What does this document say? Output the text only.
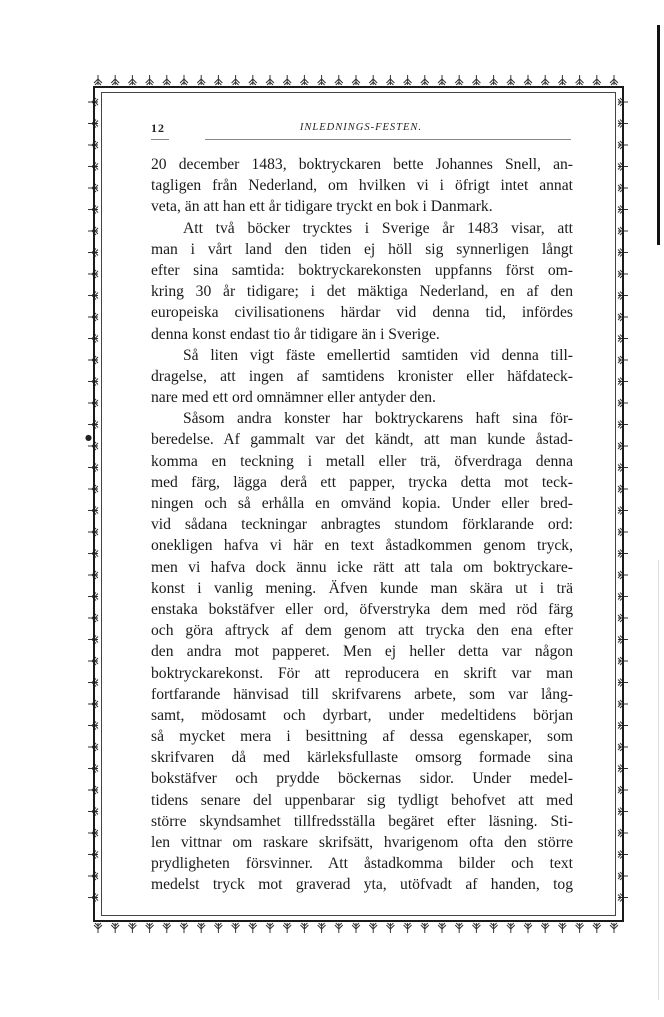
12	INLEDNINGS-FESTEN.
●
20 december 1483, boktryckaren bette Johannes Snell, an-
tagligen från Nederland, om hvilken vi i öfrigt intet annat
veta, än att han ett år tidigare tryckt en bok i Danmark.
Att två böcker trycktes i Sverige år 1483 visar, att
man i vårt land den tiden ej höll sig synnerligen långt
efter sina samtida: boktryckarekonsten uppfanns först om-
kring 30 år tidigare; i det mäktiga Nederland, en af den
europeiska civilisationens härdar vid denna tid, infördes
denna konst endast tio år tidigare än i Sverige.
Så liten vigt fäste emellertid samtiden vid denna till-
dragelse, att ingen af samtidens kronister eller häfdateck-
nare med ett ord omnämner eller antyder den.
Såsom andra konster har boktryckarens haft sina för-
beredelse. Af gammalt var det kändt, att man kunde åstad-
komma en teckning i metall eller trä, öfverdraga denna
med färg, lägga derå ett papper, trycka detta mot teck-
ningen och så erhålla en omvänd kopia. Under eller bred-
vid sådana teckningar anbragtes stundom förklarande ord:
onekligen hafva vi här en text åstadkommen genom tryck,
men vi hafva dock ännu icke rätt att tala om boktryckare-
konst i vanlig mening. Äfven kunde man skära ut i trä
enstaka bokstäfver eller ord, öfverstryka dem med röd färg
och göra aftryck af dem genom att trycka den ena efter
den andra mot papperet. Men ej heller detta var någon
boktryckarekonst. För att reproducera en skrift var man
fortfarande hänvisad till skrifvarens arbete, som var lång-
samt, mödosamt och dyrbart, under medeltidens början
så mycket mera i besittning af dessa egenskaper, som
skrifvaren då med kärleksfullaste omsorg formade sina
bokstäfver och prydde böckernas sidor. Under medel-
tidens senare del uppenbarar sig tydligt behofvet att med
större skyndsamhet tillfredsställa begäret efter läsning. Sti-
len vittnar om raskare skrifsätt, hvarigenom ofta den större
prydligheten försvinner. Att åstadkomma bilder och text
medelst tryck mot graverad yta, utöfvadt af handen, tog
